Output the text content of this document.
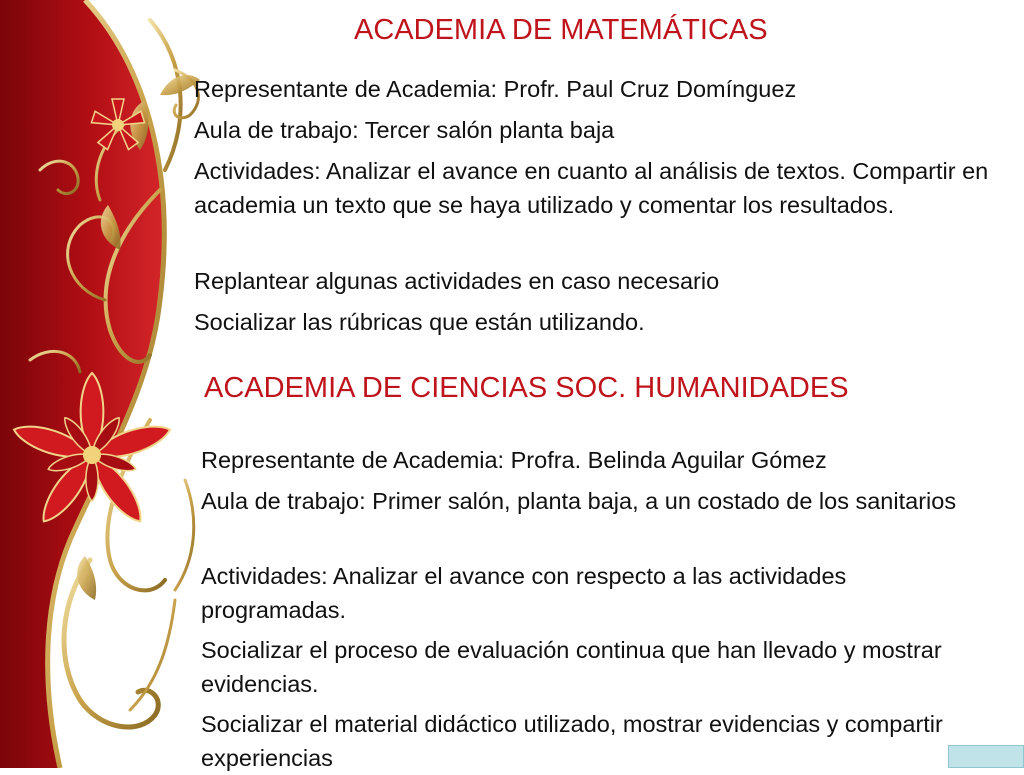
ACADEMIA DE MATEMÁTICAS

Representante de Academia: Profr. Paul Cruz Domínguez

Aula de trabajo: Tercer salón planta baja

Actividades: Analizar el avance en cuanto al análisis de textos. Compartir en academia un texto que se haya utilizado y comentar los resultados.

Replantear algunas actividades en caso necesario

Socializar las rúbricas que están utilizando.

ACADEMIA DE CIENCIAS SOC. HUMANIDADES

Representante de Academia: Profra. Belinda Aguilar Gómez

Aula de trabajo: Primer salón, planta baja, a un costado de los sanitarios

Actividades: Analizar el avance con respecto a las actividades programadas.

Socializar el proceso de evaluación continua que han llevado y mostrar evidencias.

Socializar el material didáctico utilizado, mostrar evidencias y compartir experiencias
